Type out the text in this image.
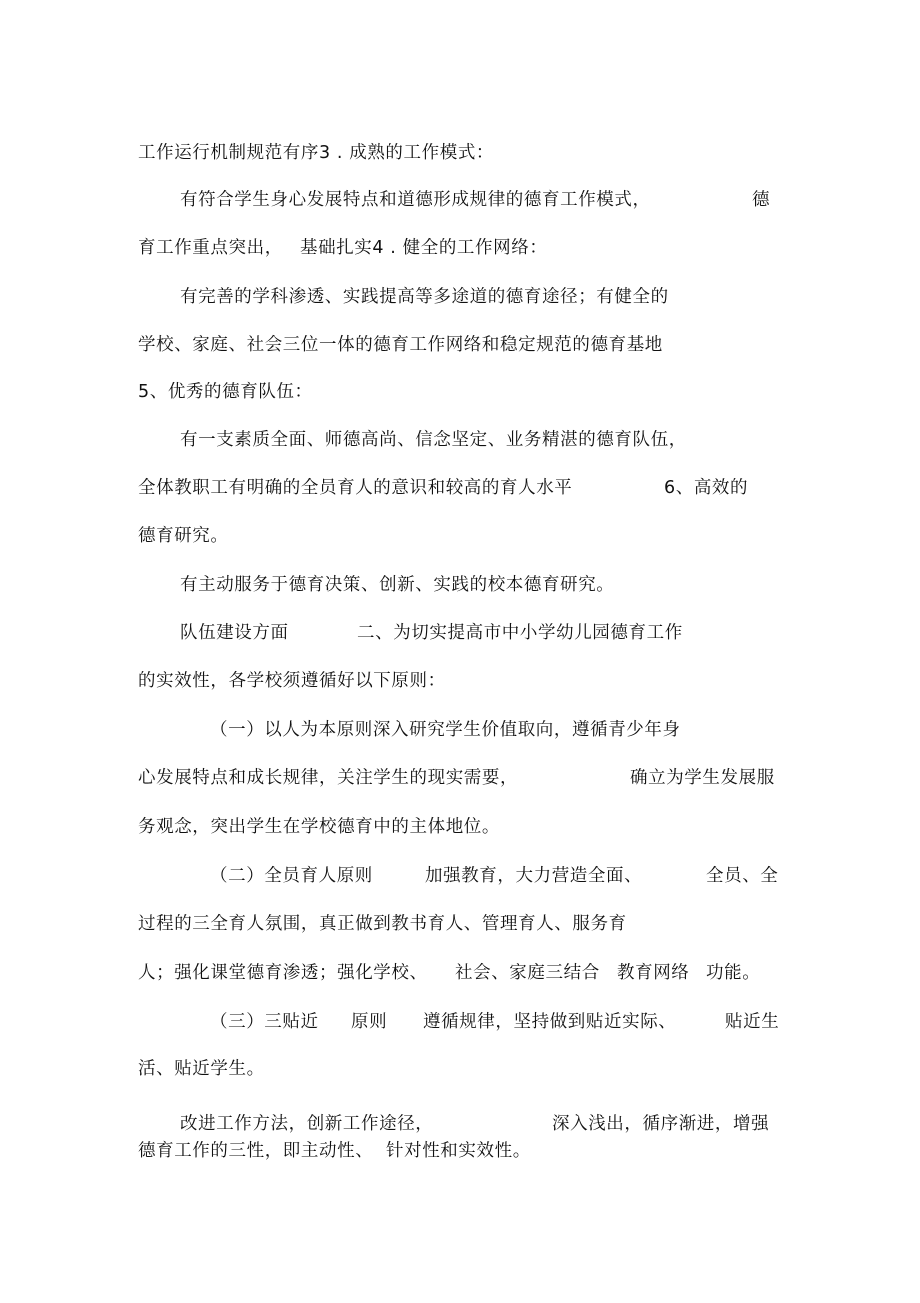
工作运行机制规范有序3 . 成熟的工作模式：
有符合学生身心发展特点和道德形成规律的德育工作模式，	德
育工作重点突出， 基础扎实4 . 健全的工作网络：
有完善的学科渗透、实践提高等多途道的德育途径；有健全的
学校、家庭、社会三位一体的德育工作网络和稳定规范的德育基地
5、优秀的德育队伍：
有一支素质全面、师德高尚、信念坚定、业务精湛的德育队伍，
全体教职工有明确的全员育人的意识和较高的育人水平	6、高效的
德育研究。
有主动服务于德育决策、创新、实践的校本德育研究。
队伍建设方面	二、为切实提高市中小学幼儿园德育工作
的实效性，各学校须遵循好以下原则：
（一）以人为本原则深入研究学生价值取向，遵循青少年身
心发展特点和成长规律，关注学生的现实需要，	确立为学生发展服
务观念，突出学生在学校德育中的主体地位。
（二）全员育人原则	加强教育，大力营造全面、	全员、全
过程的三全育人氛围，真正做到教书育人、管理育人、服务育
人；强化课堂德育渗透；强化学校、 社会、家庭三结合 教育网络 功能。
（三）三贴近 原则 遵循规律，坚持做到贴近实际、	贴近生
活、贴近学生。
改进工作方法，创新工作途径，	深入浅出，循序渐进，增强
德育工作的三性，即主动性、 针对性和实效性。
